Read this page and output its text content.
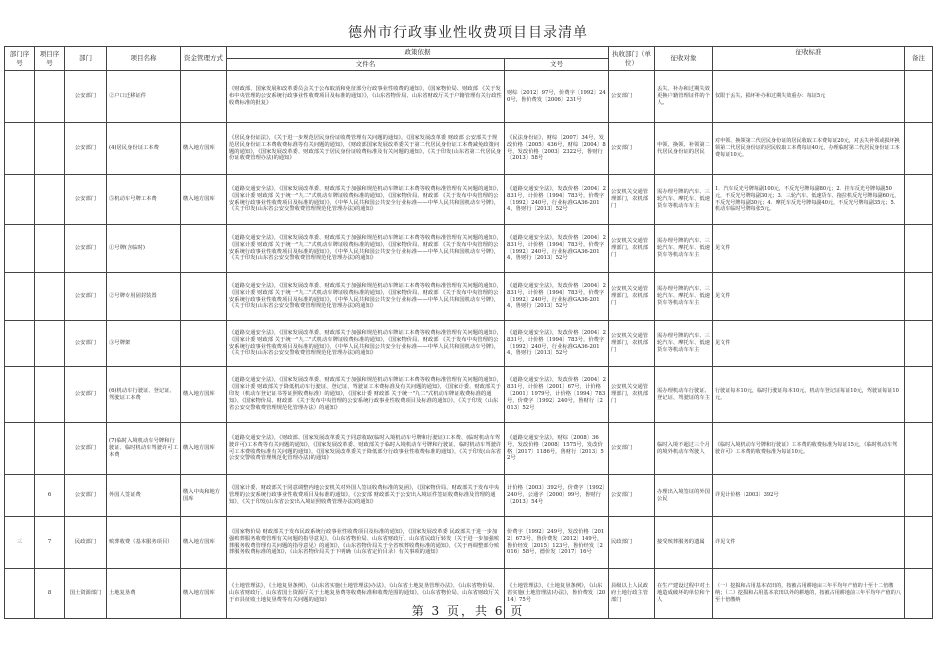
德州市行政事业性收费项目目录清单
部门序号	项目序号	部门	项目名称	资金管理方式	政策依据		执收部门（单位）	征收对象	征收标准	备注
					文件名	文号				
		公安部门	②户口迁移证件		《财政部、国家发展和改革委员会关于公布取消和免征部分行政事业性收费的通知》，《国家物价局、财政部 《关于发布中央管理的公安系统行政事业性收费项目及标准的通知》》，《山东省物价局、山东省财政厅关于户籍管理有关行政性收费标准的批复》	财综〔2012〕97号，价费字〔1992〕240号，鲁价费发〔2006〕231号	公安部门	丢失、补办和过期失效更换户籍管理证件的个人。	仅限于丢失、损坏补办和过期失效重办：每证5元	
		公安部门	(4)居民身份证工本费	缴入地方国库	《居民身份证法》，《关于进一步规范居民身份证收费管理有关问题的通知》，《国家发展改革委 财政部 公安部关于规范居民身份证工本费收费标准等有关问题的通知》，《财政部国家发展改革委关于第二代居民身份证工本费减免政策问题的通知》，《国家发展改革委、财政部关于居民身份证收费标准及有关问题的通知》，《关于印发(山东省第二代居民身份证收费管理办法)的通知》	《民法身份证》，财综〔2007〕34号，发改价格〔2005〕436号，财综〔2004〕8号，发改价格〔2003〕2322号，鲁财行〔2013〕58号	公安部门	申领、换领、补领第二代居民身份证的居民	对申领、换领第二代居民身份证的居民收取工本费每证20元，对丢失补领或损坏换领第二代居民身份证的居民收取工本费每证40元，办理临时第二代居民身份证工本费每证10元。	
		公安部门	⑤机动车号牌工本费	缴入地方国库	《道路交通安全法》，《国家发展改革委、财政部关于加强和规范机动车牌证工本费等收费标准管理有关问题的通知》，《国家计委 财政部 关于统一"九二"式机动车牌证收费标准的通知》，《国家物价局、财政部 《关于发布中央管理的公安系统行政事业性收费项目及标准的通知》》，《中华人民共和国公共安全行业标准——中华人民共和国机动车号牌》，《关于印发(山东省公安交警收费管理规范化管理办法)的通知》	《道路交通安全法》，发改价格〔2004〕2831号，计价格〔1994〕783号，价费字〔1992〕240号，行业标准GA36-2014，鲁财行〔2013〕52号	公安机关交通管理部门，农机部门	需办理号牌的汽车、三轮汽车、摩托车、低速货车等机动车车主	1．汽车反光号牌每副100元，不反光号牌每副80元；2．挂车反光号牌每副50元，不反光号牌每副30元；3．三轮汽车、低速货车、拖拉机反光号牌每副60元，不反光号牌每副30元；4．摩托车反光号牌每副40元，不反光号牌每副35元；5．机动车临时号牌每张5元。	
		公安部门	①号牌(含临时)		《道路交通安全法》，《国家发展改革委、财政部关于加强和规范机动车牌证工本费等收费标准管理有关问题的通知》，《国家计委 财政部 关于统一"九二"式机动车牌证收费标准的通知》，《国家物价局、财政部 《关于发布中央管理的公安系统行政事业性收费项目及标准的通知》》，《中华人民共和国公共安全行业标准——中华人民共和国机动车号牌》，《关于印发(山东省公安交警收费管理规范化管理办法)的通知》	《道路交通安全法》，发改价格〔2004〕2831号，计价格〔1994〕783号，价费字〔1992〕240号，行业标准GA36-2014，鲁财行〔2013〕52号	公安机关交通管理部门，农机部门	需办理号牌的汽车、三轮汽车、摩托车、低速货车等机动车车主	见文件	
		公安部门	②号牌专用固封装置		《道路交通安全法》，《国家发展改革委、财政部关于加强和规范机动车牌证工本费等收费标准管理有关问题的通知》，《国家计委 财政部 关于统一"九二"式机动车牌证收费标准的通知》，《国家物价局、财政部 《关于发布中央管理的公安系统行政事业性收费项目及标准的通知》》，《中华人民共和国公共安全行业标准——中华人民共和国机动车号牌》，《关于印发(山东省公安交警收费管理规范化管理办法)的通知》	《道路交通安全法》，发改价格〔2004〕2831号，计价格〔1994〕783号，价费字〔1992〕240号，行业标准GA36-2014，鲁财行〔2013〕52号	公安机关交通管理部门，农机部门	需办理号牌的汽车、三轮汽车、摩托车、低速货车等机动车车主	见文件	
		公安部门	③号牌架		《道路交通安全法》，《国家发展改革委、财政部关于加强和规范机动车牌证工本费等收费标准管理有关问题的通知》，《国家计委 财政部 关于统一"九二"式机动车牌证收费标准的通知》，《国家物价局、财政部 《关于发布中央管理的公安系统行政事业性收费项目及标准的通知》》，《中华人民共和国公共安全行业标准——中华人民共和国机动车号牌》，《关于印发(山东省公安交警收费管理规范化管理办法)的通知》	《道路交通安全法》，发改价格〔2004〕2831号，计价格〔1994〕783号，价费字〔1992〕240号，行业标准GA36-2014，鲁财行〔2013〕52号	公安机关交通管理部门，农机部门	需办理号牌的汽车、三轮汽车、摩托车、低速货车等机动车车主	见文件	
		公安部门	(6)机动车行驶证、登记证、驾驶证工本费	缴入地方国库	《道路交通安全法》，《国家发展改革委、财政部关于加强和规范机动车牌证工本费等收费标准管理有关问题的通知》，《国家计委 财政部关于降低机动车行驶证、登记证、驾驶证工本费标准及有关问题的通知》，《国家计委、财政部关于印发（机动车登记证书等证照收费标准）的通知》，《国家计委 财政部 关于统一"九二"式机动车牌证收费标准的通知》，《国家物价局、财政部 《关于发布中央管理的公安系统行政事业性收费项目及标准的通知》》，《关于印发（山东省公安交警收费管理规范化管理办法）的通知》	《道路交通安全法》，发改价格〔2004〕2831号，计价格〔2001〕67号，计价格〔2001〕1979号，计价格〔1994〕783号，价费字〔1992〕240号，鲁财行〔2013〕52号	公安机关交通管理部门，农机部门	需办理机动车行驶证、登记证、驾驶证的车主	行驶证每本10元，临时行驶证每本10元，机动车登记证每证10元，驾驶证每证10元。	
		公安部门	(7)临时入境机动车号牌和行驶证、临时机动车驾驶许可工本费	缴入地方国库	《道路交通安全法》，《财政部、国家发展改革委关于同意收取(临时入境机动车号牌和行驶证)工本费、(临时机动车驾驶许可)工本费等有关问题的通知》，《国家发展改革委、财政部关于临时入境机动车号牌和行驶证、临时机动车驾驶许可工本费收费标准有关问题的通知》，《国家发展改革委关于降低部分行政事业性收费标准的通知》，《关于印发(山东省公安交警收费管理规范化管理办法)的通知》	《道路交通安全法》，财综〔2008〕36号，发改价格〔2008〕1575号，发改价格〔2017〕1186号，鲁财行〔2013〕52号	公安部门	临时入境不超过三个月的境外机动车驾驶人	《临时入境机动车号牌和行驶证》工本费的收费标准为每证15元，《临时机动车驾驶许可》工本费的收费标准为每证10元。	
	6	公安部门	外国人签证费	缴入中央和地方国库	《国家计委、财政部关于同意调整内地公安机关对外国人签证收费标准的复函》，《国家物价局、财政部关于发布中央管理的公安系统行政事业性收费项目及标准的通知》，《公安部 财政部关于公安出入境证件签证收费标准及管理的通知》，《关于印发(山东省公安出入境证照收费管理办法)的通知》	计价格〔2003〕392号，价费字〔1992〕240号，公通字〔2000〕99号，鲁财行〔2013〕54号	公安部门	办理出入境签证的外国公民	详见计价格〔2003〕392号	
三	7	民政部门	殡葬收费（基本服务项目）	缴入地方国库	《国家物价局 财政部关于发布民政系统行政事业性收费项目及标准的通知》，《国家发展改革委 民政部关于进一步加强殡葬服务收费管理有关问题的指导意见》，《山东省物价局、山东省财政厅、山东省民政厅转发（关于进一步加强殡葬服务收费管理有关问题的指导意见）的通知》，《山东省物价局关于全省殡葬收费标准的通知》，《关于再调整部分殡葬服务收费标准的通知》，《山东省物价局关于下明确（山东省定价目录）有关事项的通知》	价费字〔1992〕249号，发改价格〔2012〕673号，鲁价费发〔2012〕149号，鲁价经发〔2015〕123号，鲁价经发〔2016〕58号，德价发〔2017〕16号	民政部门	接受殡葬服务的遗属	详见文件	
	8	国土资源部门	土地复垦费	缴入地方国库	《土地管理法》，《土地复垦条例》，《山东省实施(土地管理法)办法》，《山东省土地复垦管理办法》，《山东省物价局、山东省财政厅、山东省国土资源厅关于土地复垦费等收费标准和收费范围的通知》，《山东省物价局、山东省财政厅关于市县征收土地复垦费等有关问题的通知》	《土地管理法》，《土地复垦条例》，《山东省实施(土地管理法)办法》，鲁价费发〔2014〕75号	县级以上人民政府土地行政主管部门	在生产建设过程中对土地造成破坏的单位和个人	（一）挖损和占用基本农田的，按被占用耕地亩三年平均年产值的十至十二倍缴纳；（二）挖损和占用基本农田以外的耕地的，按被占用耕地前三年平均年产值的八至十倍缴纳	
第 3 页，共 6 页
